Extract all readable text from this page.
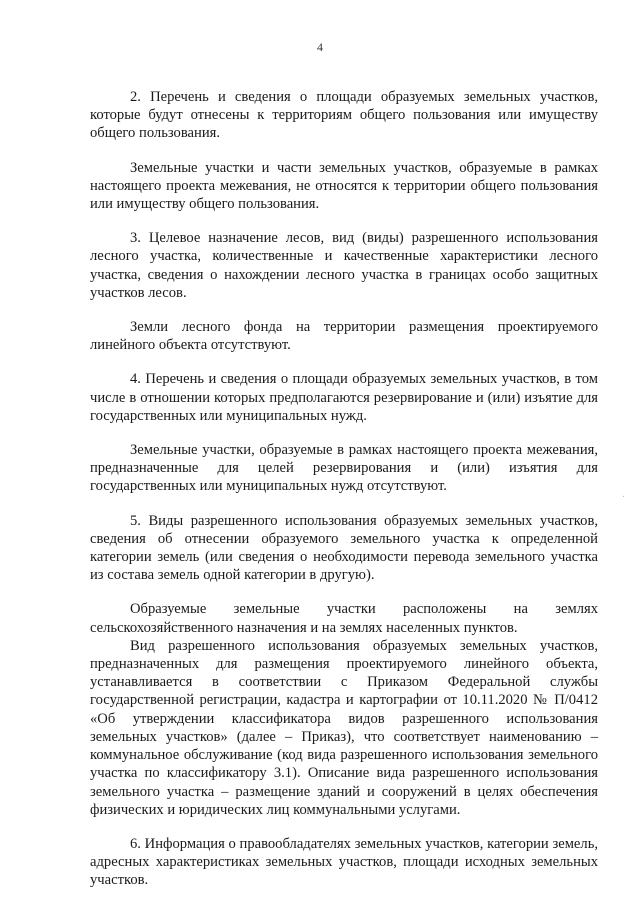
4

2. Перечень и сведения о площади образуемых земельных участков, которые будут отнесены к территориям общего пользования или имуществу общего пользования.

Земельные участки и части земельных участков, образуемые в рамках настоящего проекта межевания, не относятся к территории общего пользования или имуществу общего пользования.

3. Целевое назначение лесов, вид (виды) разрешенного использования лесного участка, количественные и качественные характеристики лесного участка, сведения о нахождении лесного участка в границах особо защитных участков лесов.

Земли лесного фонда на территории размещения проектируемого линейного объекта отсутствуют.

4. Перечень и сведения о площади образуемых земельных участков, в том числе в отношении которых предполагаются резервирование и (или) изъятие для государственных или муниципальных нужд.

Земельные участки, образуемые в рамках настоящего проекта межевания, предназначенные для целей резервирования и (или) изъятия для государственных или муниципальных нужд отсутствуют.

5. Виды разрешенного использования образуемых земельных участков, сведения об отнесении образуемого земельного участка к определенной категории земель (или сведения о необходимости перевода земельного участка из состава земель одной категории в другую).

Образуемые земельные участки расположены на землях сельскохозяйственного назначения и на землях населенных пунктов.

Вид разрешенного использования образуемых земельных участков, предназначенных для размещения проектируемого линейного объекта, устанавливается в соответствии с Приказом Федеральной службы государственной регистрации, кадастра и картографии от 10.11.2020 № П/0412 «Об утверждении классификатора видов разрешенного использования земельных участков» (далее – Приказ), что соответствует наименованию – коммунальное обслуживание (код вида разрешенного использования земельного участка по классификатору 3.1). Описание вида разрешенного использования земельного участка – размещение зданий и сооружений в целях обеспечения физических и юридических лиц коммунальными услугами.

6. Информация о правообладателях земельных участков, категории земель, адресных характеристиках земельных участков, площади исходных земельных участков.

·
